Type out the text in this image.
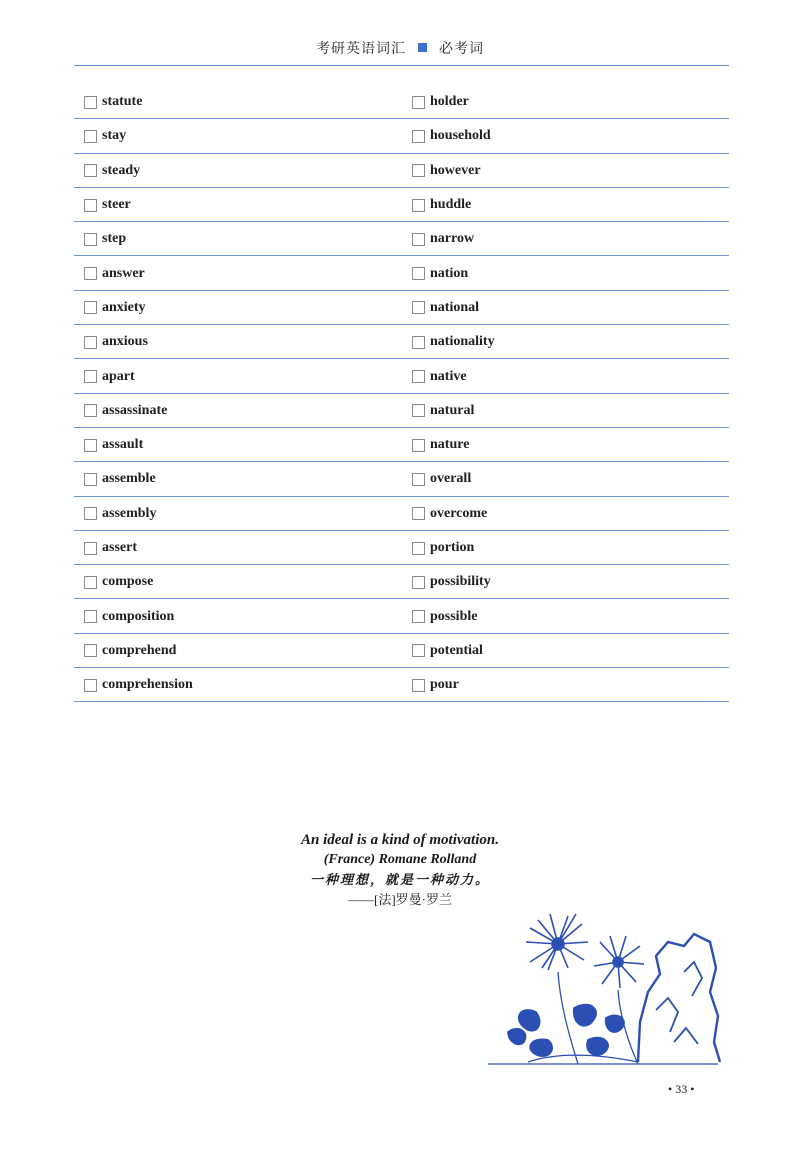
考研英语词汇 必考词
statute	holder
stay	household
steady	however
steer	huddle
step	narrow
answer	nation
anxiety	national
anxious	nationality
apart	native
assassinate	natural
assault	nature
assemble	overall
assembly	overcome
assert	portion
compose	possibility
composition	possible
comprehend	potential
comprehension	pour
An ideal is a kind of motivation.
(France) Romane Rolland
一种理想，就是一种动力。
——[法]罗曼·罗兰
• 33 •
